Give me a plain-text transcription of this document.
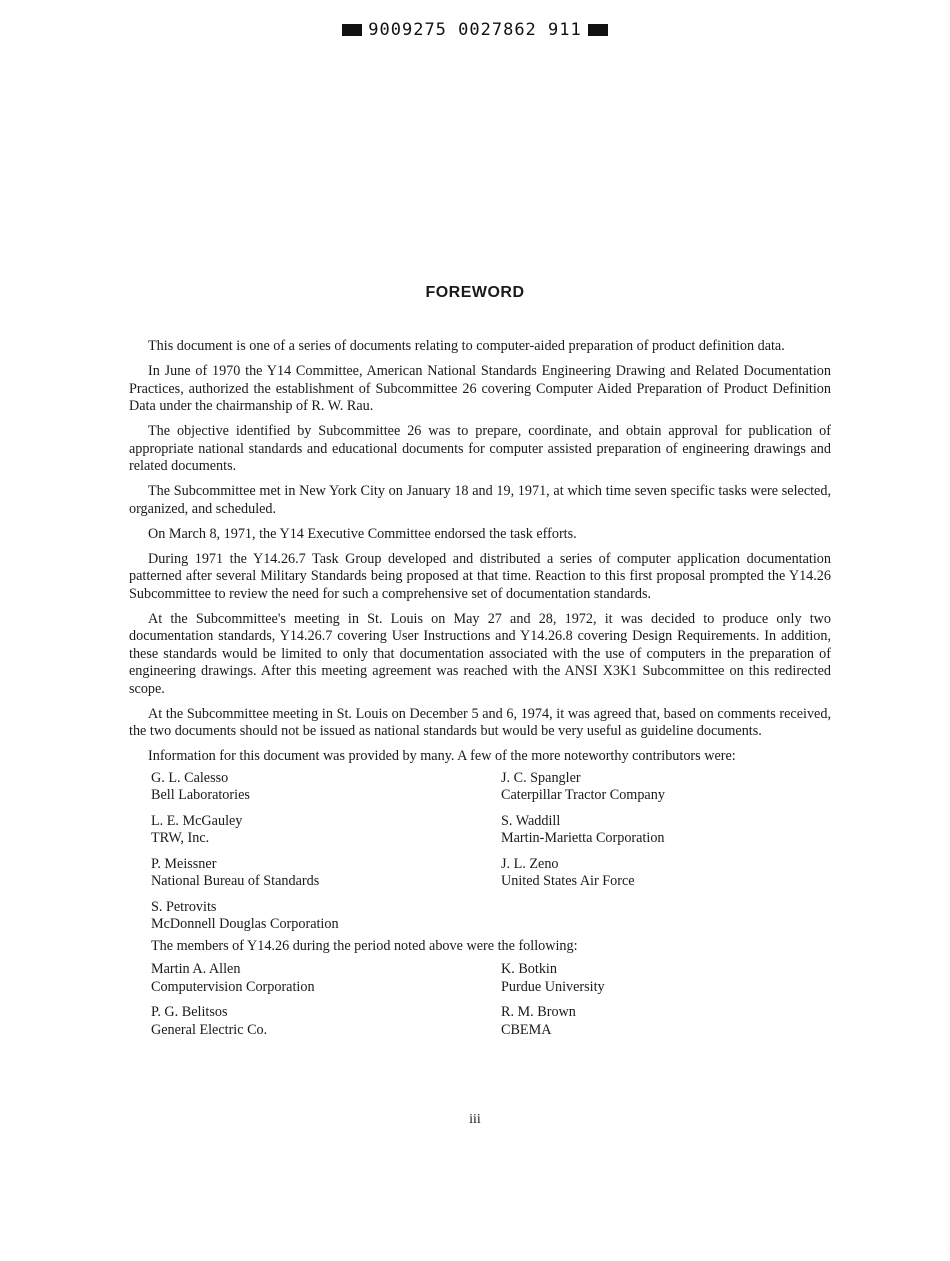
9009275 0027862 911
FOREWORD

This document is one of a series of documents relating to computer-aided preparation of product definition data.

In June of 1970 the Y14 Committee, American National Standards Engineering Drawing and Related Documentation Practices, authorized the establishment of Subcommittee 26 covering Computer Aided Preparation of Product Definition Data under the chairmanship of R. W. Rau.

The objective identified by Subcommittee 26 was to prepare, coordinate, and obtain approval for publication of appropriate national standards and educational documents for computer assisted preparation of engineering drawings and related documents.

The Subcommittee met in New York City on January 18 and 19, 1971, at which time seven specific tasks were selected, organized, and scheduled.

On March 8, 1971, the Y14 Executive Committee endorsed the task efforts.

During 1971 the Y14.26.7 Task Group developed and distributed a series of computer application documentation patterned after several Military Standards being proposed at that time. Reaction to this first proposal prompted the Y14.26 Subcommittee to review the need for such a comprehensive set of documentation standards.

At the Subcommittee's meeting in St. Louis on May 27 and 28, 1972, it was decided to produce only two documentation standards, Y14.26.7 covering User Instructions and Y14.26.8 covering Design Requirements. In addition, these standards would be limited to only that documentation associated with the use of computers in the preparation of engineering drawings. After this meeting agreement was reached with the ANSI X3K1 Subcommittee on this redirected scope.

At the Subcommittee meeting in St. Louis on December 5 and 6, 1974, it was agreed that, based on comments received, the two documents should not be issued as national standards but would be very useful as guideline documents.

Information for this document was provided by many. A few of the more noteworthy contributors were:

G. L. Calesso
Bell Laboratories
J. C. Spangler
Caterpillar Tractor Company
L. E. McGauley
TRW, Inc.
S. Waddill
Martin-Marietta Corporation
P. Meissner
National Bureau of Standards
J. L. Zeno
United States Air Force
S. Petrovits
McDonnell Douglas Corporation
The members of Y14.26 during the period noted above were the following:
Martin A. Allen
Computervision Corporation
K. Botkin
Purdue University
P. G. Belitsos
General Electric Co.
R. M. Brown
CBEMA
iii
